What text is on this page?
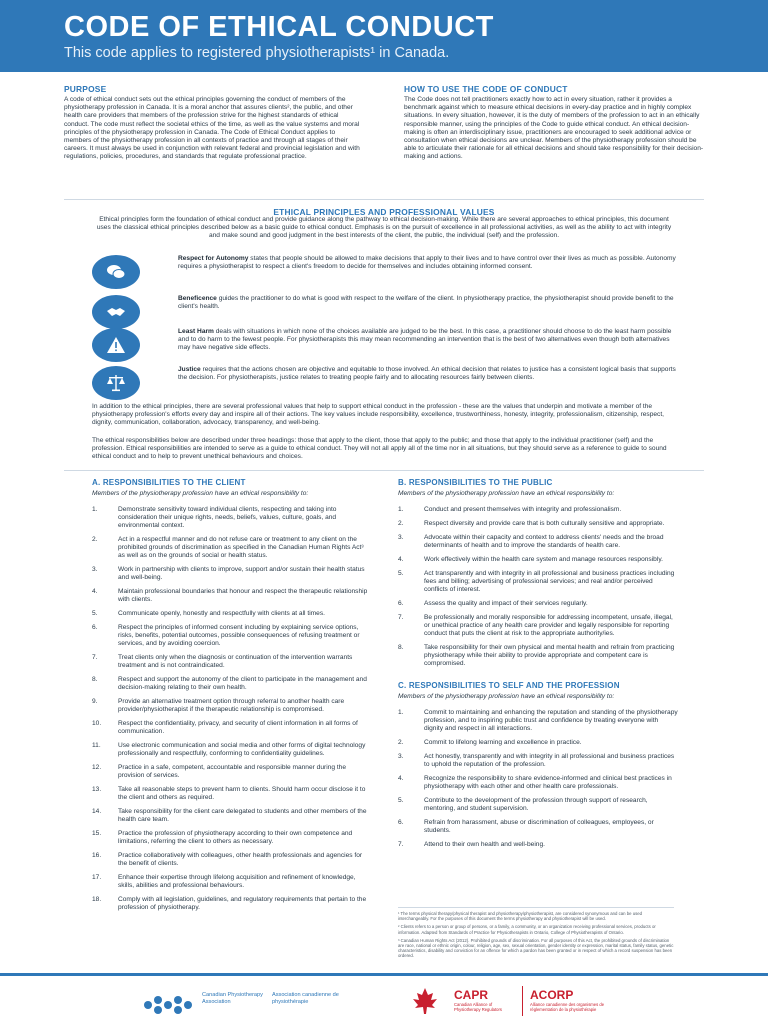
CODE OF ETHICAL CONDUCT
This code applies to registered physiotherapists¹ in Canada.
PURPOSE

A code of ethical conduct sets out the ethical principles governing the conduct of members of the physiotherapy profession in Canada. It is a moral anchor that assures clients², the public, and other health care providers that members of the profession strive for the highest standards of ethical conduct. The code must reflect the societal ethics of the time, as well as the value systems and moral principles of the physiotherapy profession in Canada. The Code of Ethical Conduct applies to members of the physiotherapy profession in all contexts of practice and through all stages of their careers. It must always be used in conjunction with relevant federal and provincial legislation and with regulations, policies, procedures, and standards that regulate professional practice.

HOW TO USE THE CODE OF CONDUCT

The Code does not tell practitioners exactly how to act in every situation, rather it provides a benchmark against which to measure ethical decisions in every-day practice and in highly complex situations. In every situation, however, it is the duty of members of the profession to act in an ethically responsible manner, using the principles of the Code to guide ethical conduct. An ethical decision-making is often an interdisciplinary issue, practitioners are encouraged to seek additional advice or consultation when ethical decisions are unclear. Members of the physiotherapy profession should be able to articulate their rationale for all ethical decisions and should take responsibility for their decision-making and actions.

ETHICAL PRINCIPLES AND PROFESSIONAL VALUES

Ethical principles form the foundation of ethical conduct and provide guidance along the pathway to ethical decision-making. While there are several approaches to ethical principles, this document uses the classical ethical principles described below as a basic guide to ethical conduct. Emphasis is on the pursuit of excellence in all professional activities, as well as the ability to act with integrity and make sound and good judgment in the best interests of the client, the public, the individual (self) and the profession.

Respect for Autonomy states that people should be allowed to make decisions that apply to their lives and to have control over their lives as much as possible. Autonomy requires a physiotherapist to respect a client's freedom to decide for themselves and includes obtaining informed consent.

Beneficence guides the practitioner to do what is good with respect to the welfare of the client. In physiotherapy practice, the physiotherapist should provide benefit to the client's health.

Least Harm deals with situations in which none of the choices available are judged to be the best. In this case, a practitioner should choose to do the least harm possible and to do harm to the fewest people. For physiotherapists this may mean recommending an intervention that is the best of two alternatives even though both alternatives may have negative side effects.

Justice requires that the actions chosen are objective and equitable to those involved. An ethical decision that relates to justice has a consistent logical basis that supports the decision. For physiotherapists, justice relates to treating people fairly and to allocating resources fairly between clients.

In addition to the ethical principles, there are several professional values that help to support ethical conduct in the profession - these are the values that underpin and motivate a member of the physiotherapy profession's efforts every day and inspire all of their actions. The key values include responsibility, excellence, trustworthiness, honesty, integrity, professionalism, citizenship, respect, dignity, communication, collaboration, advocacy, transparency, and well-being.

The ethical responsibilities below are described under three headings: those that apply to the client, those that apply to the public; and those that apply to the individual practitioner (self) and the profession. Ethical responsibilities are intended to serve as a guide to ethical conduct. They will not all apply all of the time nor in all situations, but they should serve as a reference to guide to sound ethical conduct and to help to prevent unethical behaviours and choices.

A. RESPONSIBILITIES TO THE CLIENT

Members of the physiotherapy profession have an ethical responsibility to:

1.	Demonstrate sensitivity toward individual clients, respecting and taking into consideration their unique rights, needs, beliefs, values, culture, goals, and environmental context.
2.	Act in a respectful manner and do not refuse care or treatment to any client on the prohibited grounds of discrimination as specified in the Canadian Human Rights Act³ as well as on the grounds of social or health status.
3.	Work in partnership with clients to improve, support and/or sustain their health status and well-being.
4.	Maintain professional boundaries that honour and respect the therapeutic relationship with clients.
5.	Communicate openly, honestly and respectfully with clients at all times.
6.	Respect the principles of informed consent including by explaining service options, risks, benefits, potential outcomes, possible consequences of refusing treatment or services, and by avoiding coercion.
7.	Treat clients only when the diagnosis or continuation of the intervention warrants treatment and is not contraindicated.
8.	Respect and support the autonomy of the client to participate in the management and decision-making relating to their own health.
9.	Provide an alternative treatment option through referral to another health care provider/physiotherapist if the therapeutic relationship is compromised.
10.	Respect the confidentiality, privacy, and security of client information in all forms of communication.
11.	Use electronic communication and social media and other forms of digital technology professionally and respectfully, conforming to confidentiality guidelines.
12.	Practice in a safe, competent, accountable and responsible manner during the provision of services.
13.	Take all reasonable steps to prevent harm to clients. Should harm occur disclose it to the client and others as required.
14.	Take responsibility for the client care delegated to students and other members of the health care team.
15.	Practice the profession of physiotherapy according to their own competence and limitations, referring the client to others as necessary.
16.	Practice collaboratively with colleagues, other health professionals and agencies for the benefit of clients.
17.	Enhance their expertise through lifelong acquisition and refinement of knowledge, skills, abilities and professional behaviours.
18.	Comply with all legislation, guidelines, and regulatory requirements that pertain to the profession of physiotherapy.
B. RESPONSIBILITIES TO THE PUBLIC

Members of the physiotherapy profession have an ethical responsibility to:

1.	Conduct and present themselves with integrity and professionalism.
2.	Respect diversity and provide care that is both culturally sensitive and appropriate.
3.	Advocate within their capacity and context to address clients' needs and the broad determinants of health and to improve the standards of health care.
4.	Work effectively within the health care system and manage resources responsibly.
5.	Act transparently and with integrity in all professional and business practices including fees and billing; advertising of professional services; and real and/or perceived conflicts of interest.
6.	Assess the quality and impact of their services regularly.
7.	Be professionally and morally responsible for addressing incompetent, unsafe, illegal, or unethical practice of any health care provider and legally responsible for reporting conduct that puts the client at risk to the appropriate authority/ies.
8.	Take responsibility for their own physical and mental health and refrain from practicing physiotherapy while their ability to provide appropriate and competent care is compromised.
C. RESPONSIBILITIES TO SELF AND THE PROFESSION

Members of the physiotherapy profession have an ethical responsibility to:

1.	Commit to maintaining and enhancing the reputation and standing of the physiotherapy profession, and to inspiring public trust and confidence by treating everyone with dignity and respect in all interactions.
2.	Commit to lifelong learning and excellence in practice.
3.	Act honestly, transparently and with integrity in all professional and business practices to uphold the reputation of the profession.
4.	Recognize the responsibility to share evidence-informed and clinical best practices in physiotherapy with each other and other health care professionals.
5.	Contribute to the development of the profession through support of research, mentoring, and student supervision.
6.	Refrain from harassment, abuse or discrimination of colleagues, employees, or students.
7.	Attend to their own health and well-being.

¹ The terms physical therapy/physical therapist and physiotherapy/physiotherapist, are considered synonymous and can be used interchangeably. For the purposes of this document the terms physiotherapy and physiotherapist will be used.

² Clients refers to a person or group of persons, or a family, a community, or an organization receiving professional services, products or information. Adapted from Standards of Practice for Physiotherapists in Ontario, College of Physiotherapists of Ontario.

³ Canadian Human Rights Act (2012). Prohibited grounds of discrimination. For all purposes of this Act, the prohibited grounds of discrimination are race, national or ethnic origin, colour, religion, age, sex, sexual orientation, gender identity or expression, marital status, family status, genetic characteristics, disability and conviction for an offence for which a pardon has been granted or in respect of which a record suspension has been ordered.

Canadian Physiotherapy Association
Association canadienne de physiothérapie	CAPR
Canadian Alliance of Physiotherapy Regulators
ACORP
Alliance canadienne des organismes de réglementation de la physiothérapie
